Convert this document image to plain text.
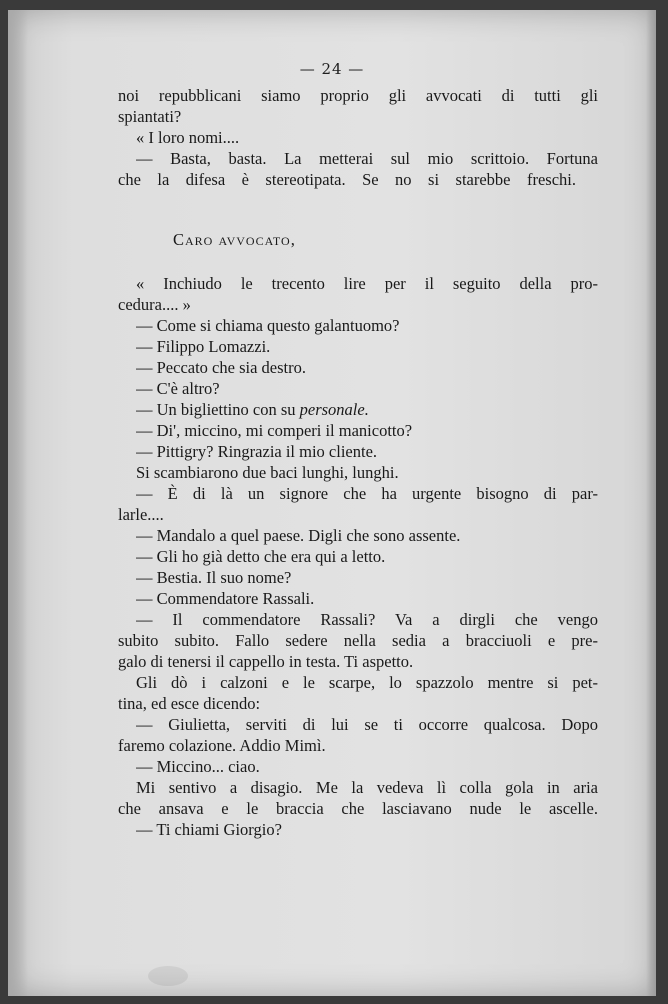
— 24 —

noi repubblicani siamo proprio gli avvocati di tutti gli

spiantati?

« I loro nomi....

— Basta, basta. La metterai sul mio scrittoio. Fortuna

che la difesa è stereotipata. Se no si starebbe freschi.

Caro avvocato,

« Inchiudo le trecento lire per il seguito della pro-

cedura.... »

— Come si chiama questo galantuomo?

— Filippo Lomazzi.

— Peccato che sia destro.

— C'è altro?

— Un bigliettino con su personale.

— Di', miccino, mi comperi il manicotto?

— Pittigry? Ringrazia il mio cliente.

Si scambiarono due baci lunghi, lunghi.

— È di là un signore che ha urgente bisogno di par-

larle....

— Mandalo a quel paese. Digli che sono assente.

— Gli ho già detto che era qui a letto.

— Bestia. Il suo nome?

— Commendatore Rassali.

— Il commendatore Rassali? Va a dirgli che vengo

subito subito. Fallo sedere nella sedia a bracciuoli e pre-

galo di tenersi il cappello in testa. Ti aspetto.

Gli dò i calzoni e le scarpe, lo spazzolo mentre si pet-

tina, ed esce dicendo:

— Giulietta, serviti di lui se ti occorre qualcosa. Dopo

faremo colazione. Addio Mimì.

— Miccino... ciao.

Mi sentivo a disagio. Me la vedeva lì colla gola in aria

che ansava e le braccia che lasciavano nude le ascelle.

— Ti chiami Giorgio?
